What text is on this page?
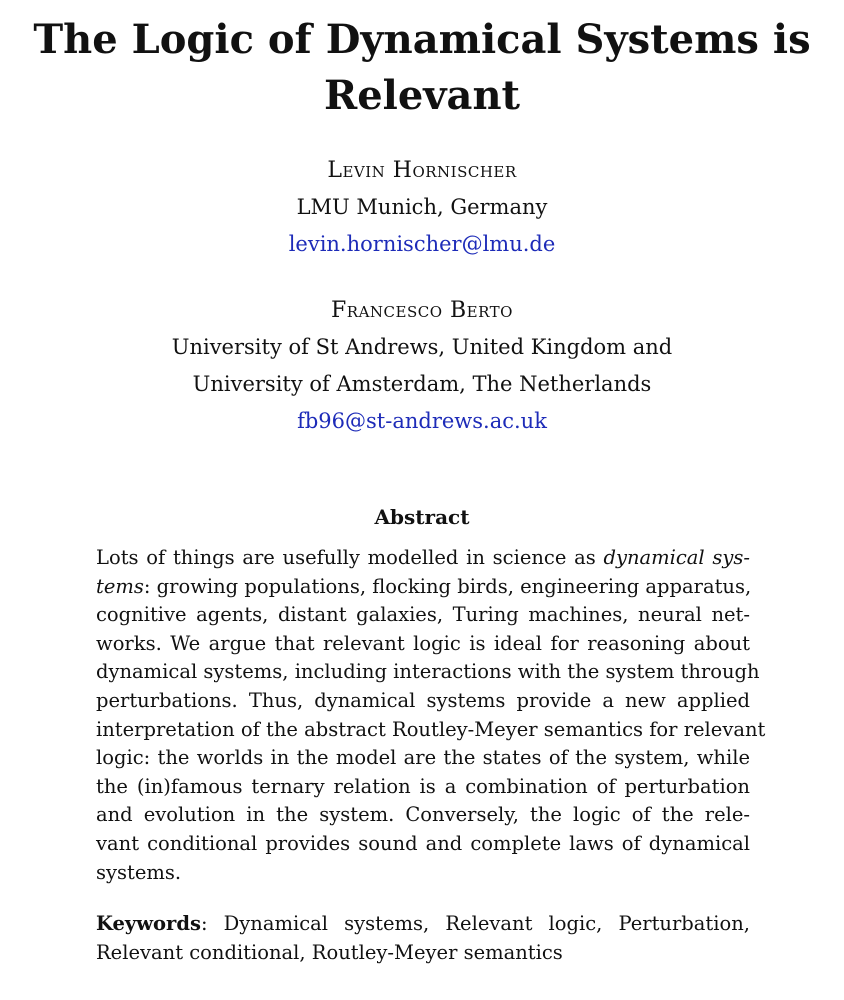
The Logic of Dynamical Systems is
Relevant
Levin Hornischer
LMU Munich, Germany
levin.hornischer@lmu.de
Francesco Berto
University of St Andrews, United Kingdom and
University of Amsterdam, The Netherlands
fb96@st-andrews.ac.uk
Abstract
Lots of things are usefully modelled in science as dynamical sys-
tems: growing populations, flocking birds, engineering apparatus,
cognitive agents, distant galaxies, Turing machines, neural net-
works. We argue that relevant logic is ideal for reasoning about
dynamical systems, including interactions with the system through
perturbations. Thus, dynamical systems provide a new applied
interpretation of the abstract Routley-Meyer semantics for relevant
logic: the worlds in the model are the states of the system, while
the (in)famous ternary relation is a combination of perturbation
and evolution in the system. Conversely, the logic of the rele-
vant conditional provides sound and complete laws of dynamical
systems.
Keywords: Dynamical systems, Relevant logic, Perturbation,
Relevant conditional, Routley-Meyer semantics
